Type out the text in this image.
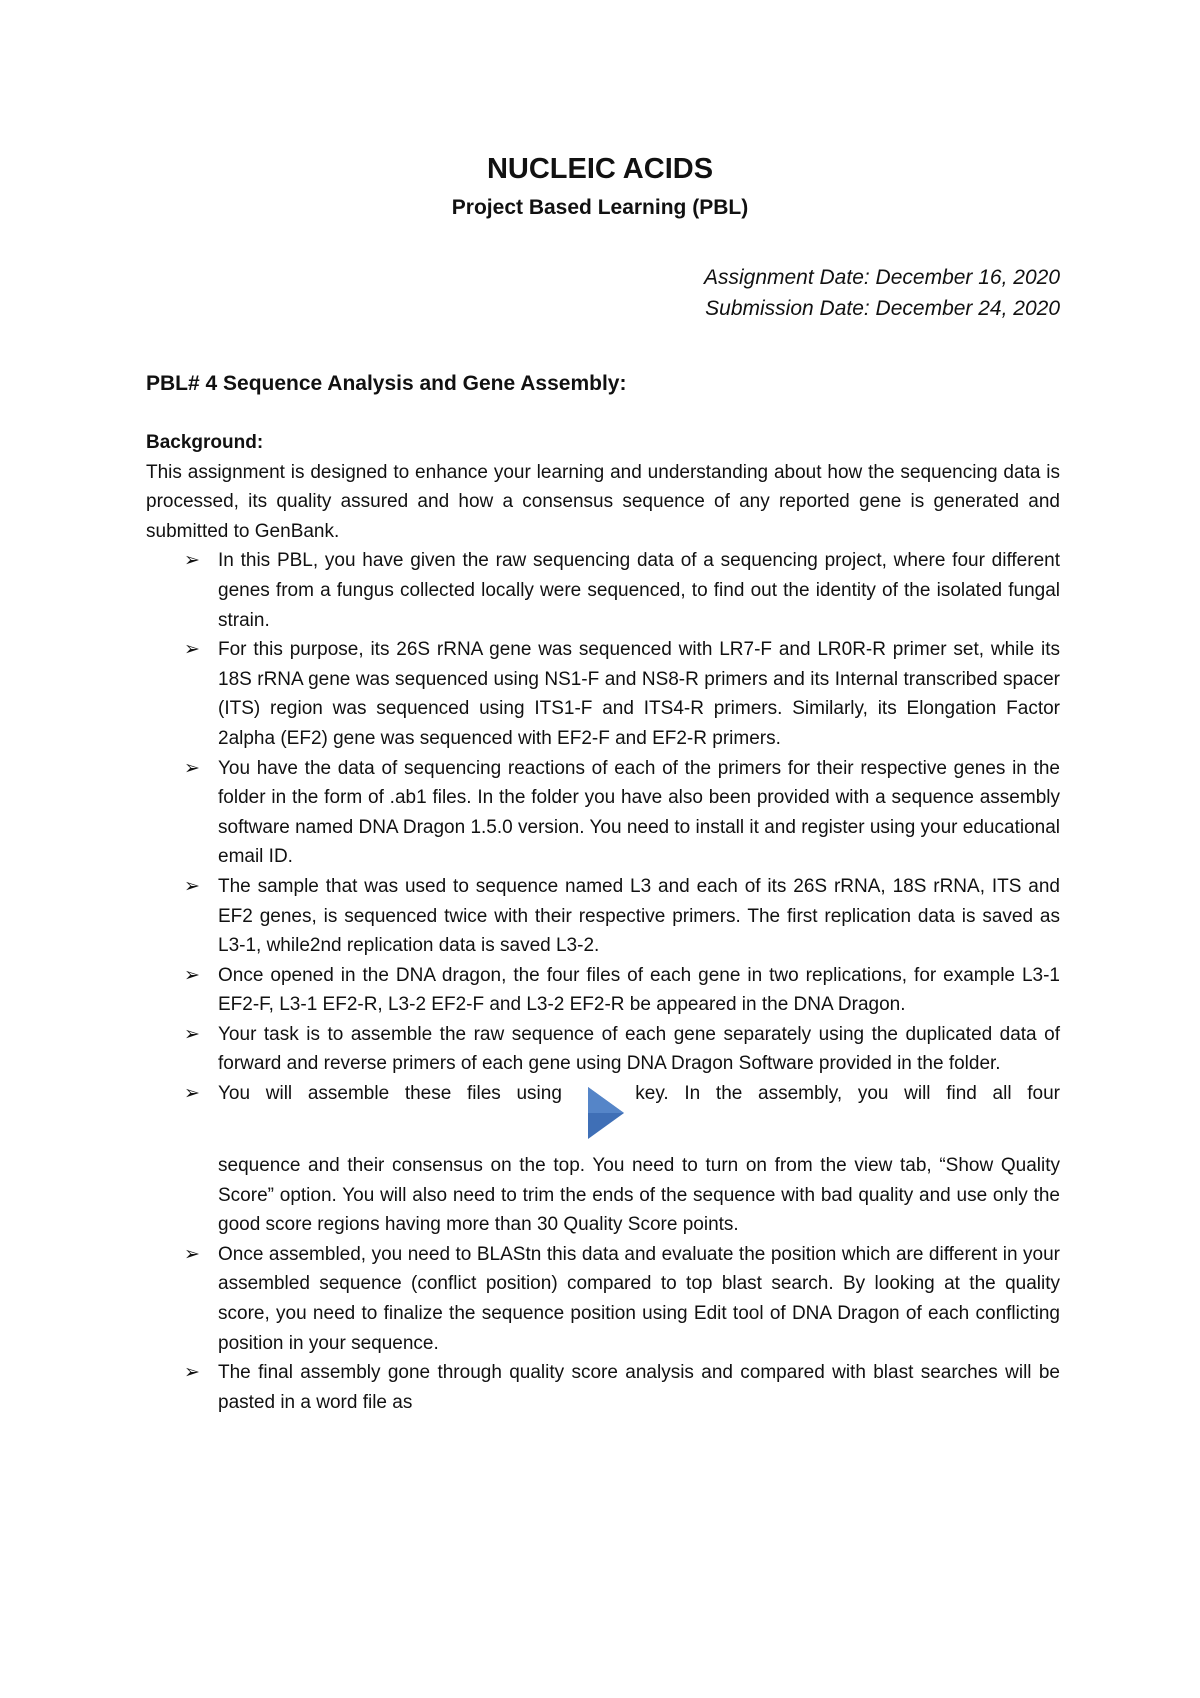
NUCLEIC ACIDS
Project Based Learning (PBL)
Assignment Date: December 16, 2020
Submission Date: December 24, 2020
PBL# 4 Sequence Analysis and Gene Assembly:
Background:

This assignment is designed to enhance your learning and understanding about how the sequencing data is processed, its quality assured and how a consensus sequence of any reported gene is generated and submitted to GenBank.

➢ In this PBL, you have given the raw sequencing data of a sequencing project, where four different genes from a fungus collected locally were sequenced, to find out the identity of the isolated fungal strain.
➢ For this purpose, its 26S rRNA gene was sequenced with LR7-F and LR0R-R primer set, while its 18S rRNA gene was sequenced using NS1-F and NS8-R primers and its Internal transcribed spacer (ITS) region was sequenced using ITS1-F and ITS4-R primers. Similarly, its Elongation Factor 2alpha (EF2) gene was sequenced with EF2-F and EF2-R primers.
➢ You have the data of sequencing reactions of each of the primers for their respective genes in the folder in the form of .ab1 files. In the folder you have also been provided with a sequence assembly software named DNA Dragon 1.5.0 version. You need to install it and register using your educational email ID.
➢ The sample that was used to sequence named L3 and each of its 26S rRNA, 18S rRNA, ITS and EF2 genes, is sequenced twice with their respective primers. The first replication data is saved as L3-1, while2nd replication data is saved L3-2.
➢ Once opened in the DNA dragon, the four files of each gene in two replications, for example L3-1 EF2-F, L3-1 EF2-R, L3-2 EF2-F and L3-2 EF2-R be appeared in the DNA Dragon.
➢ Your task is to assemble the raw sequence of each gene separately using the duplicated data of forward and reverse primers of each gene using DNA Dragon Software provided in the folder.
➢ You will assemble these files using	key. In the assembly, you will find all four
sequence and their consensus on the top. You need to turn on from the view tab, “Show Quality Score” option. You will also need to trim the ends of the sequence with bad quality and use only the good score regions having more than 30 Quality Score points.
➢ Once assembled, you need to BLAStn this data and evaluate the position which are different in your assembled sequence (conflict position) compared to top blast search. By looking at the quality score, you need to finalize the sequence position using Edit tool of DNA Dragon of each conflicting position in your sequence.
➢ The final assembly gone through quality score analysis and compared with blast searches will be pasted in a word file as
